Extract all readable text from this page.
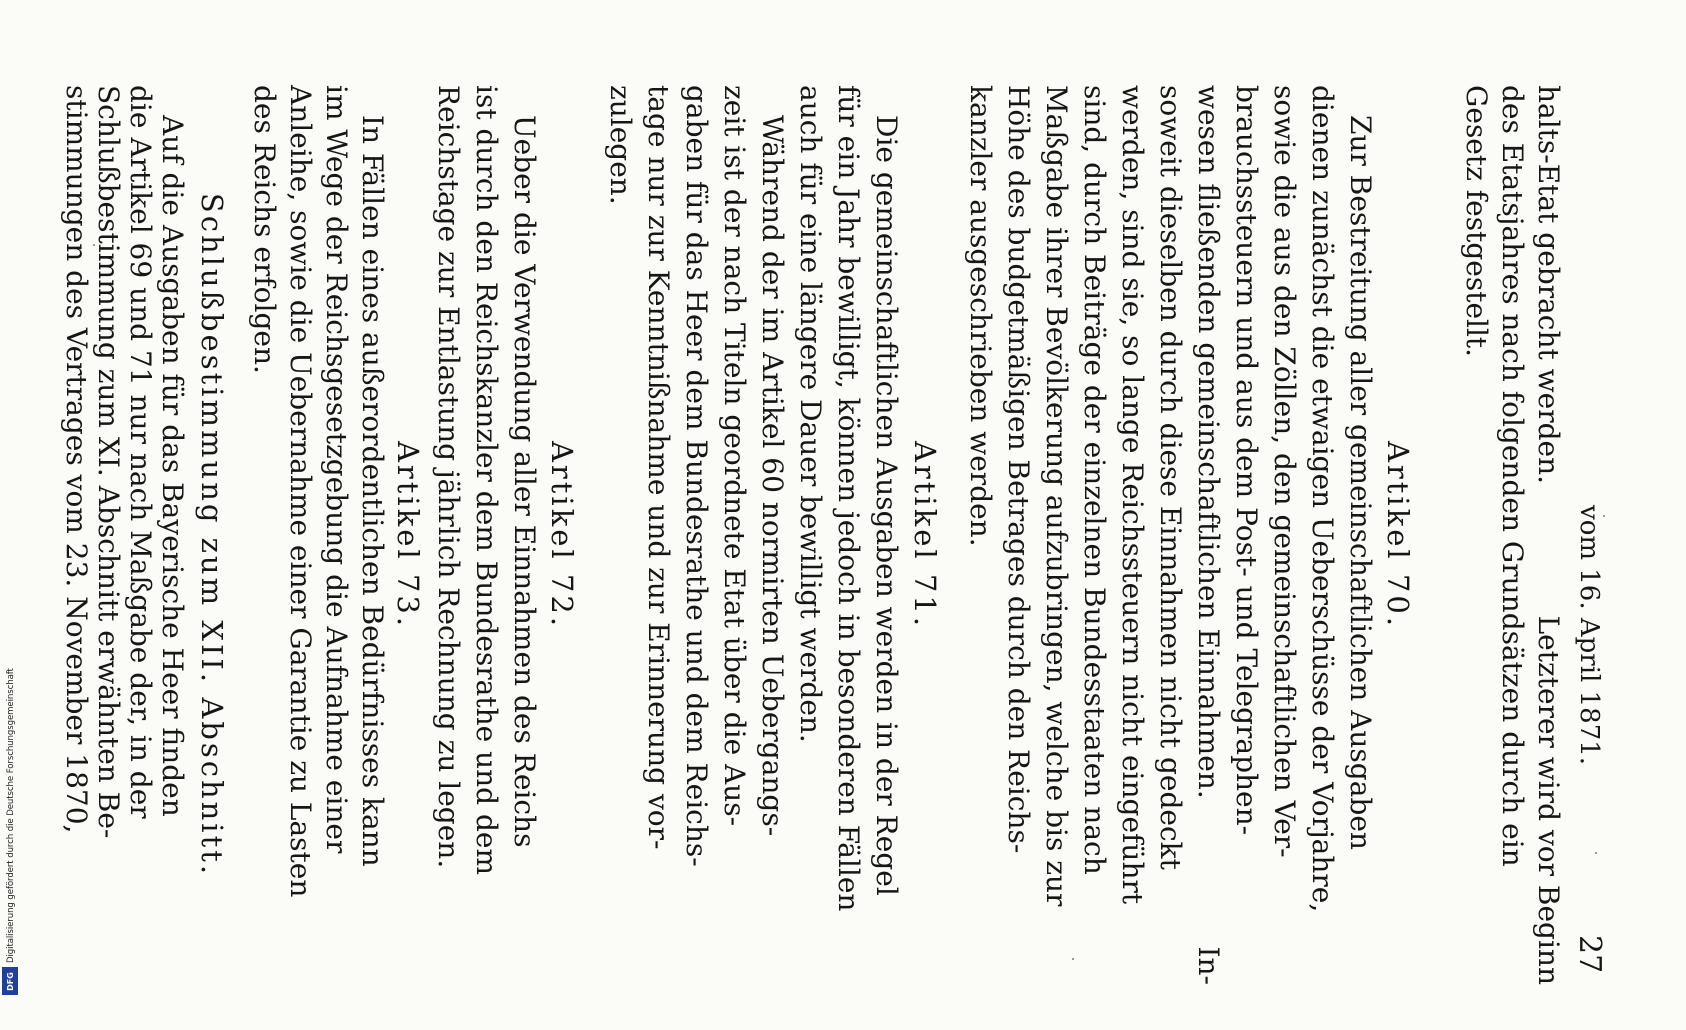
Digitalisierung gefördert durch die Deutsche Forschungsgemeinschaft
DFG
vom 16. April 1871.
27
halts-Etat gebracht werden.
Letzterer wird vor Beginn
des Etatsjahres nach folgenden Grundsätzen durch ein
Gesetz festgestellt.
Artikel 70.
Zur Bestreitung aller gemeinschaftlichen Ausgaben
dienen zunächst die etwaigen Ueberschüsse der Vorjahre,
sowie die aus den Zöllen, den gemeinschaftlichen Ver-
brauchssteuern und aus dem Post- und Telegraphen-
wesen fließenden gemeinschaftlichen Einnahmen.
In-
soweit dieselben durch diese Einnahmen nicht gedeckt
werden, sind sie, so lange Reichssteuern nicht eingeführt
sind, durch Beiträge der einzelnen Bundesstaaten nach
Maßgabe ihrer Bevölkerung aufzubringen, welche bis zur
Höhe des budgetmäßigen Betrages durch den Reichs-
kanzler ausgeschrieben werden.
Artikel 71.
Die gemeinschaftlichen Ausgaben werden in der Regel
für ein Jahr bewilligt, können jedoch in besonderen Fällen
auch für eine längere Dauer bewilligt werden.
Während der im Artikel 60 normirten Uebergangs-
zeit ist der nach Titeln geordnete Etat über die Aus-
gaben für das Heer dem Bundesrathe und dem Reichs-
tage nur zur Kenntnißnahme und zur Erinnerung vor-
zulegen.
Artikel 72.
Ueber die Verwendung aller Einnahmen des Reichs
ist durch den Reichskanzler dem Bundesrathe und dem
Reichstage zur Entlastung jährlich Rechnung zu legen.
Artikel 73.
In Fällen eines außerordentlichen Bedürfnisses kann
im Wege der Reichsgesetzgebung die Aufnahme einer
Anleihe, sowie die Uebernahme einer Garantie zu Lasten
des Reichs erfolgen.
Schlußbestimmung zum XII. Abschnitt.
Auf die Ausgaben für das Bayerische Heer finden
die Artikel 69 und 71 nur nach Maßgabe der, in der
Schlußbestimmung zum XI. Abschnitt erwähnten Be-
stimmungen des Vertrages vom 23. November 1870,
